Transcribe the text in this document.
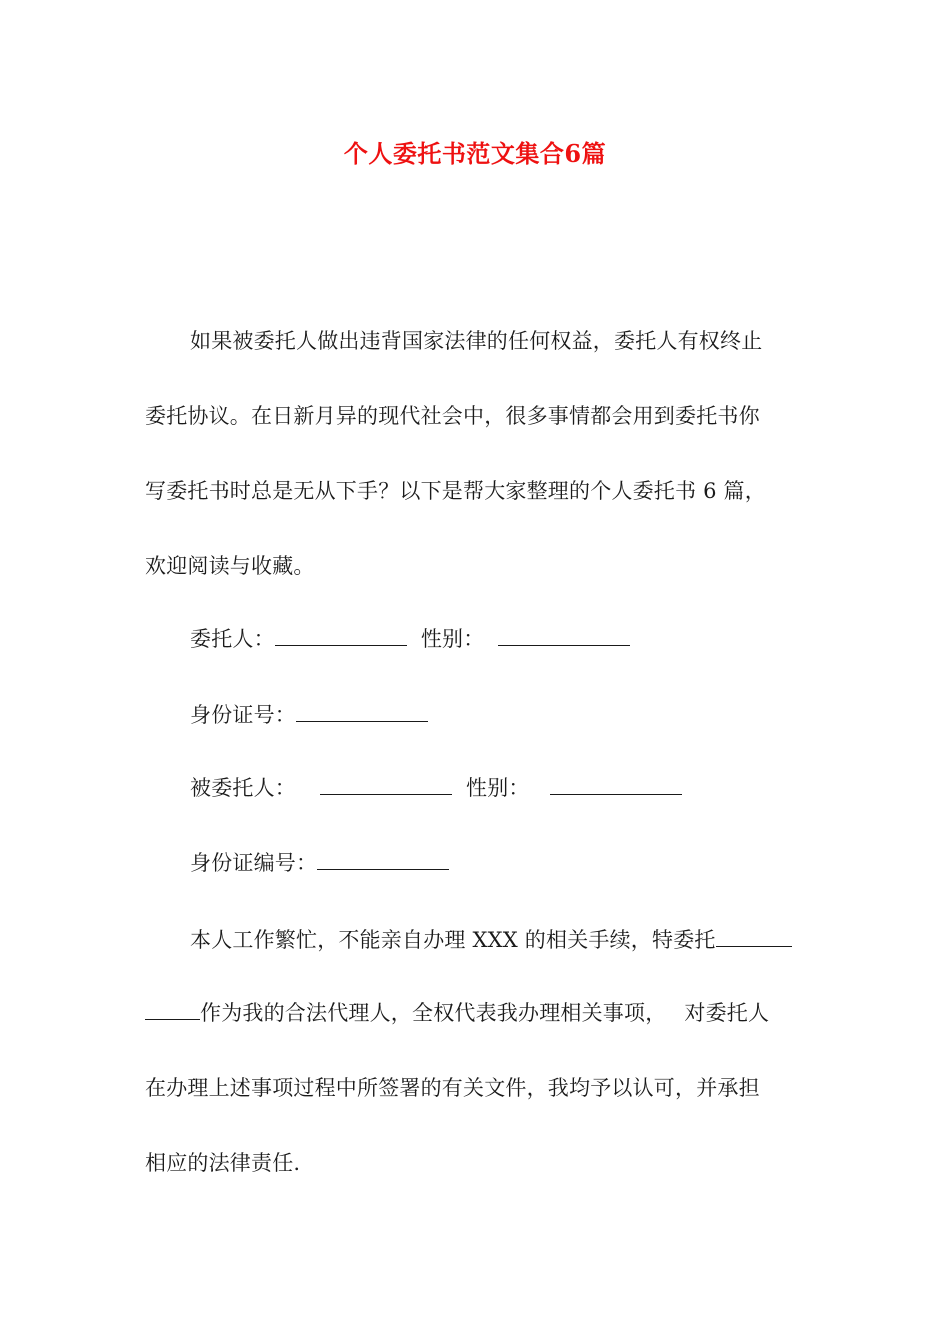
个人委托书范文集合6篇
如果被委托人做出违背国家法律的任何权益，委托人有权终止
委托协议。在日新月异的现代社会中，很多事情都会用到委托书你
写委托书时总是无从下手？以下是帮大家整理的个人委托书 6 篇，
欢迎阅读与收藏。
委托人：	性别：
身份证号：
被委托人：	性别：
身份证编号：
本人工作繁忙，不能亲自办理 XXX 的相关手续，特委托
作为我的合法代理人，全权代表我办理相关事项， 对委托人
在办理上述事项过程中所签署的有关文件，我均予以认可，并承担
相应的法律责任.
